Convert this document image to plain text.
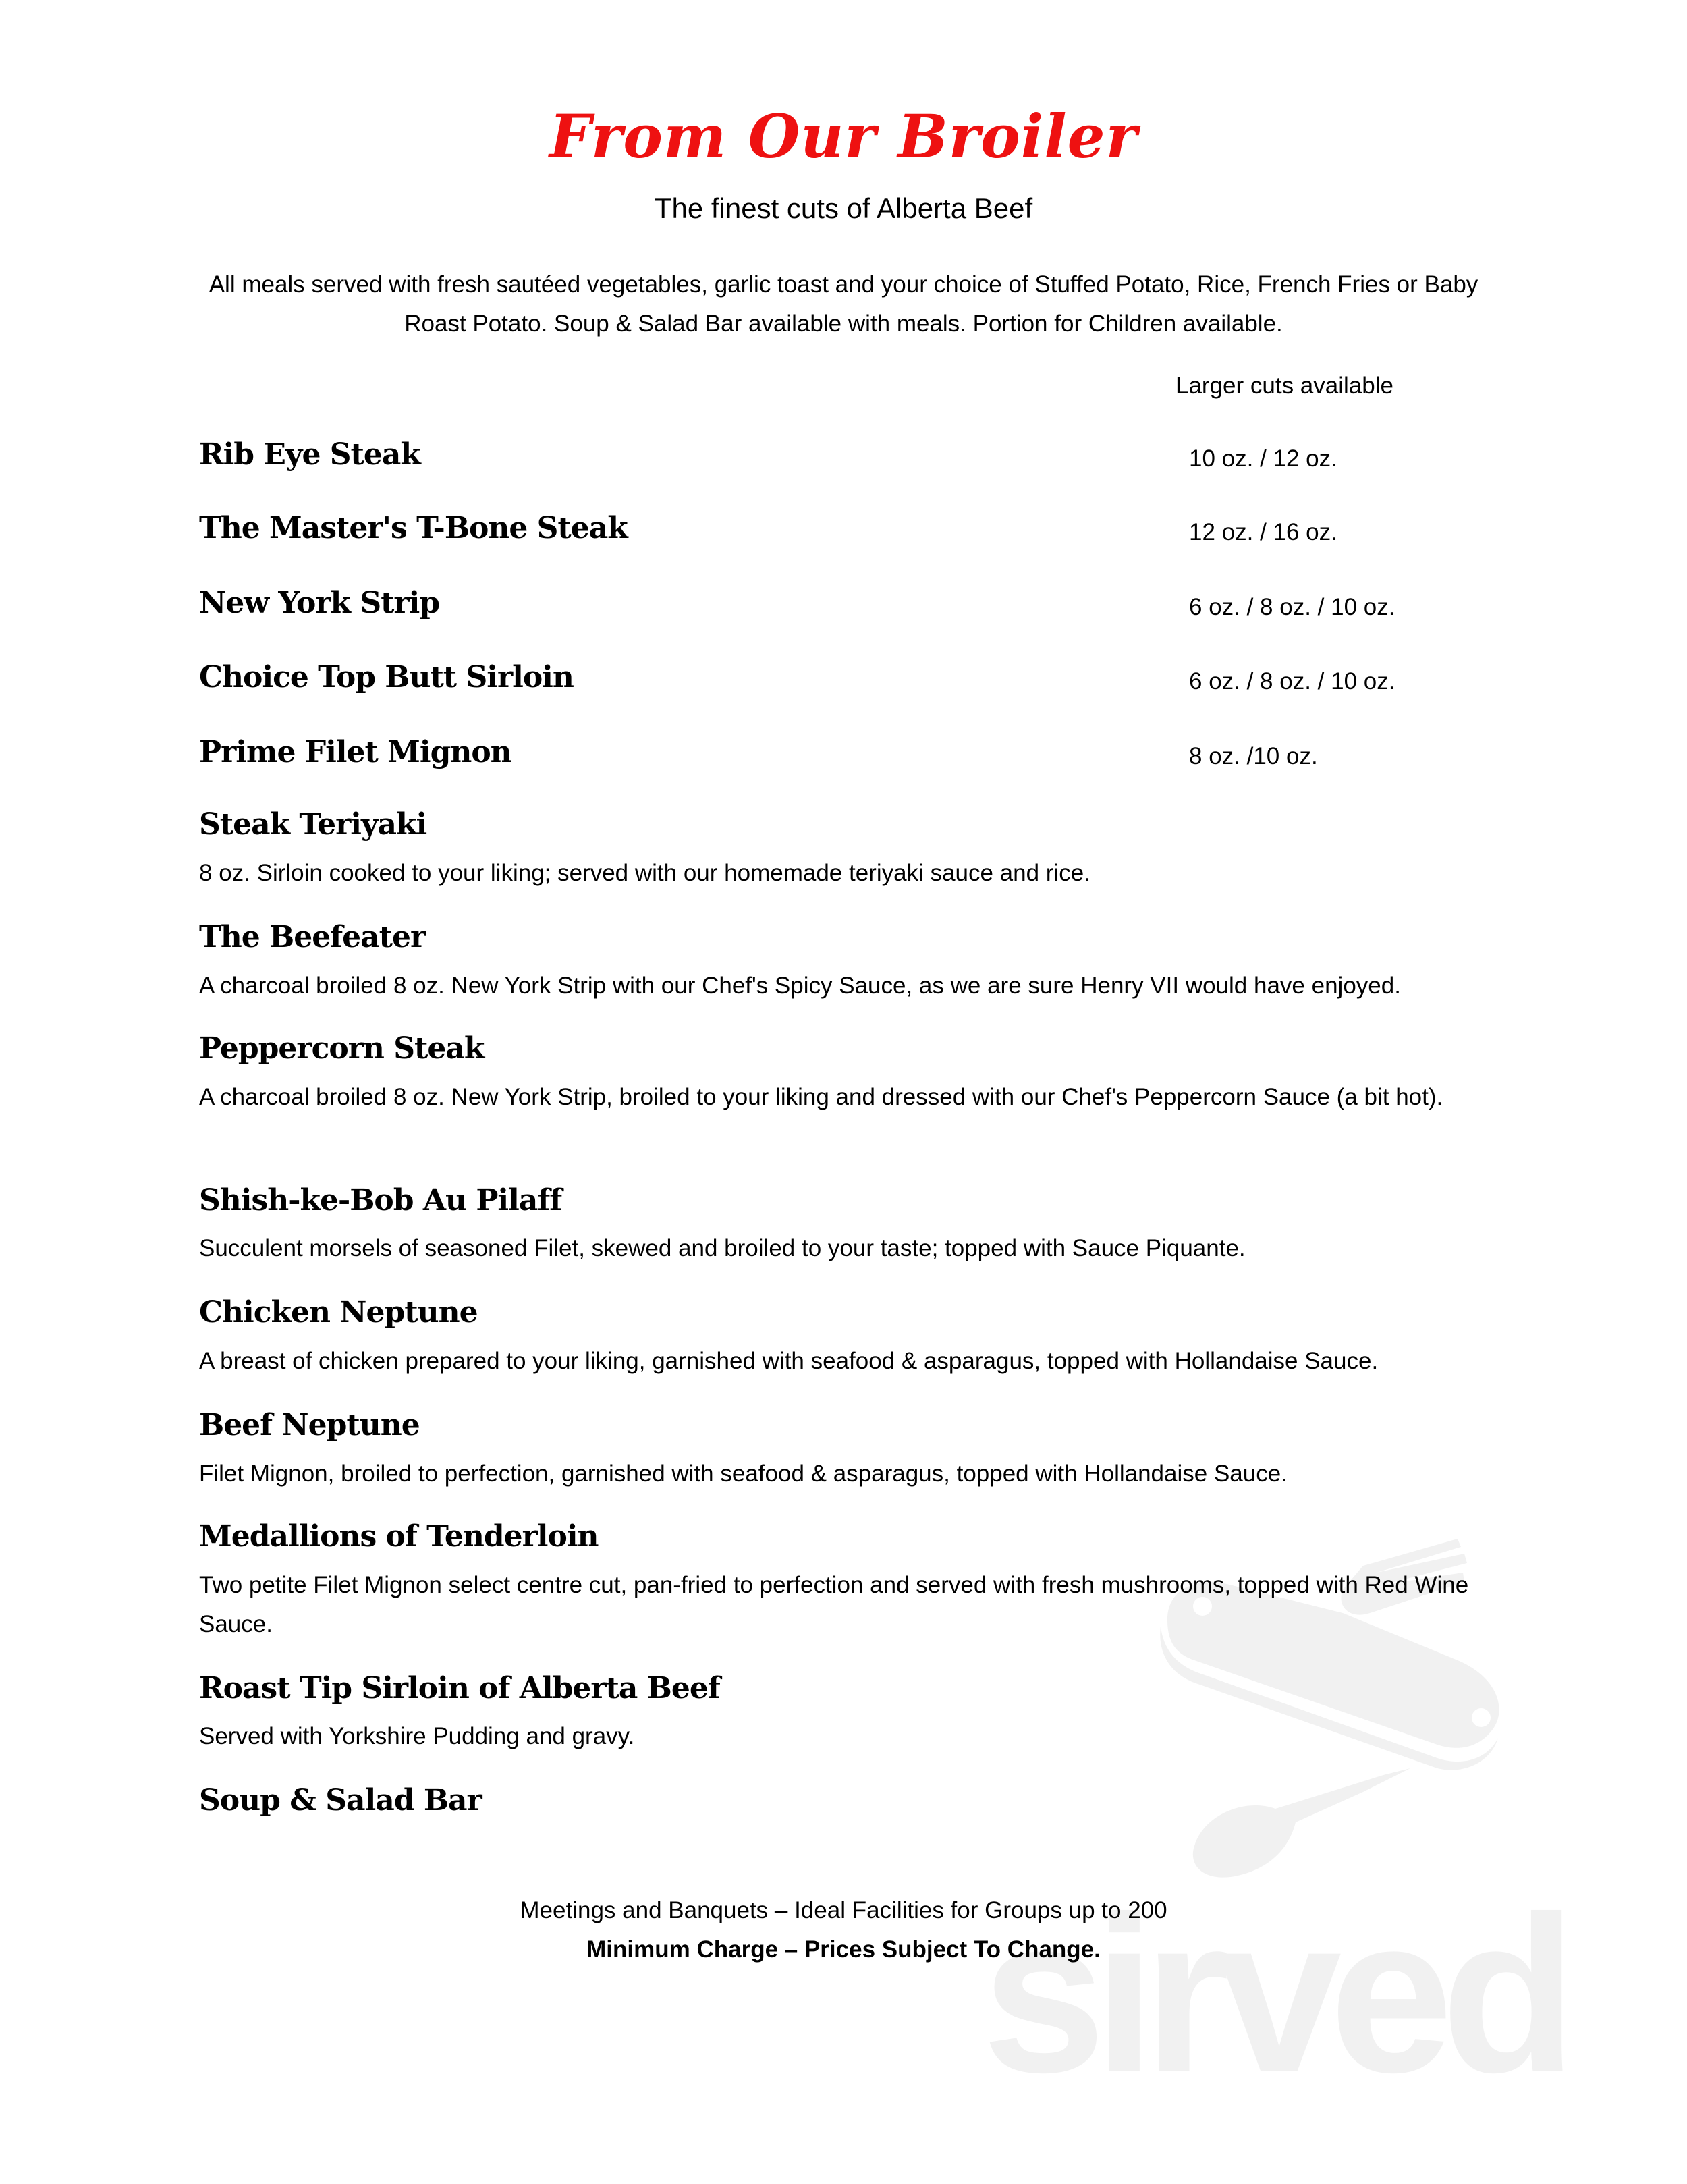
sirved
From Our Broiler
The finest cuts of Alberta Beef
All meals served with fresh sautéed vegetables, garlic toast and your choice of Stuffed Potato, Rice, French Fries or Baby Roast Potato. Soup & Salad Bar available with meals. Portion for Children available.
Larger cuts available
Rib Eye Steak	10 oz. / 12 oz.
The Master's T-Bone Steak	12 oz. / 16 oz.
New York Strip	6 oz. / 8 oz. / 10 oz.
Choice Top Butt Sirloin	6 oz. / 8 oz. / 10 oz.
Prime Filet Mignon	8 oz. /10 oz.
Steak Teriyaki
8 oz. Sirloin cooked to your liking; served with our homemade teriyaki sauce and rice.
The Beefeater
A charcoal broiled 8 oz. New York Strip with our Chef's Spicy Sauce, as we are sure Henry VII would have enjoyed.
Peppercorn Steak
A charcoal broiled 8 oz. New York Strip, broiled to your liking and dressed with our Chef's Peppercorn Sauce (a bit hot).
Shish-ke-Bob Au Pilaff
Succulent morsels of seasoned Filet, skewed and broiled to your taste; topped with Sauce Piquante.
Chicken Neptune
A breast of chicken prepared to your liking, garnished with seafood & asparagus, topped with Hollandaise Sauce.
Beef Neptune
Filet Mignon, broiled to perfection, garnished with seafood & asparagus, topped with Hollandaise Sauce.
Medallions of Tenderloin
Two petite Filet Mignon select centre cut, pan-fried to perfection and served with fresh mushrooms, topped with Red Wine Sauce.
Roast Tip Sirloin of Alberta Beef
Served with Yorkshire Pudding and gravy.
Soup & Salad Bar
Meetings and Banquets – Ideal Facilities for Groups up to 200
Minimum Charge – Prices Subject To Change.
